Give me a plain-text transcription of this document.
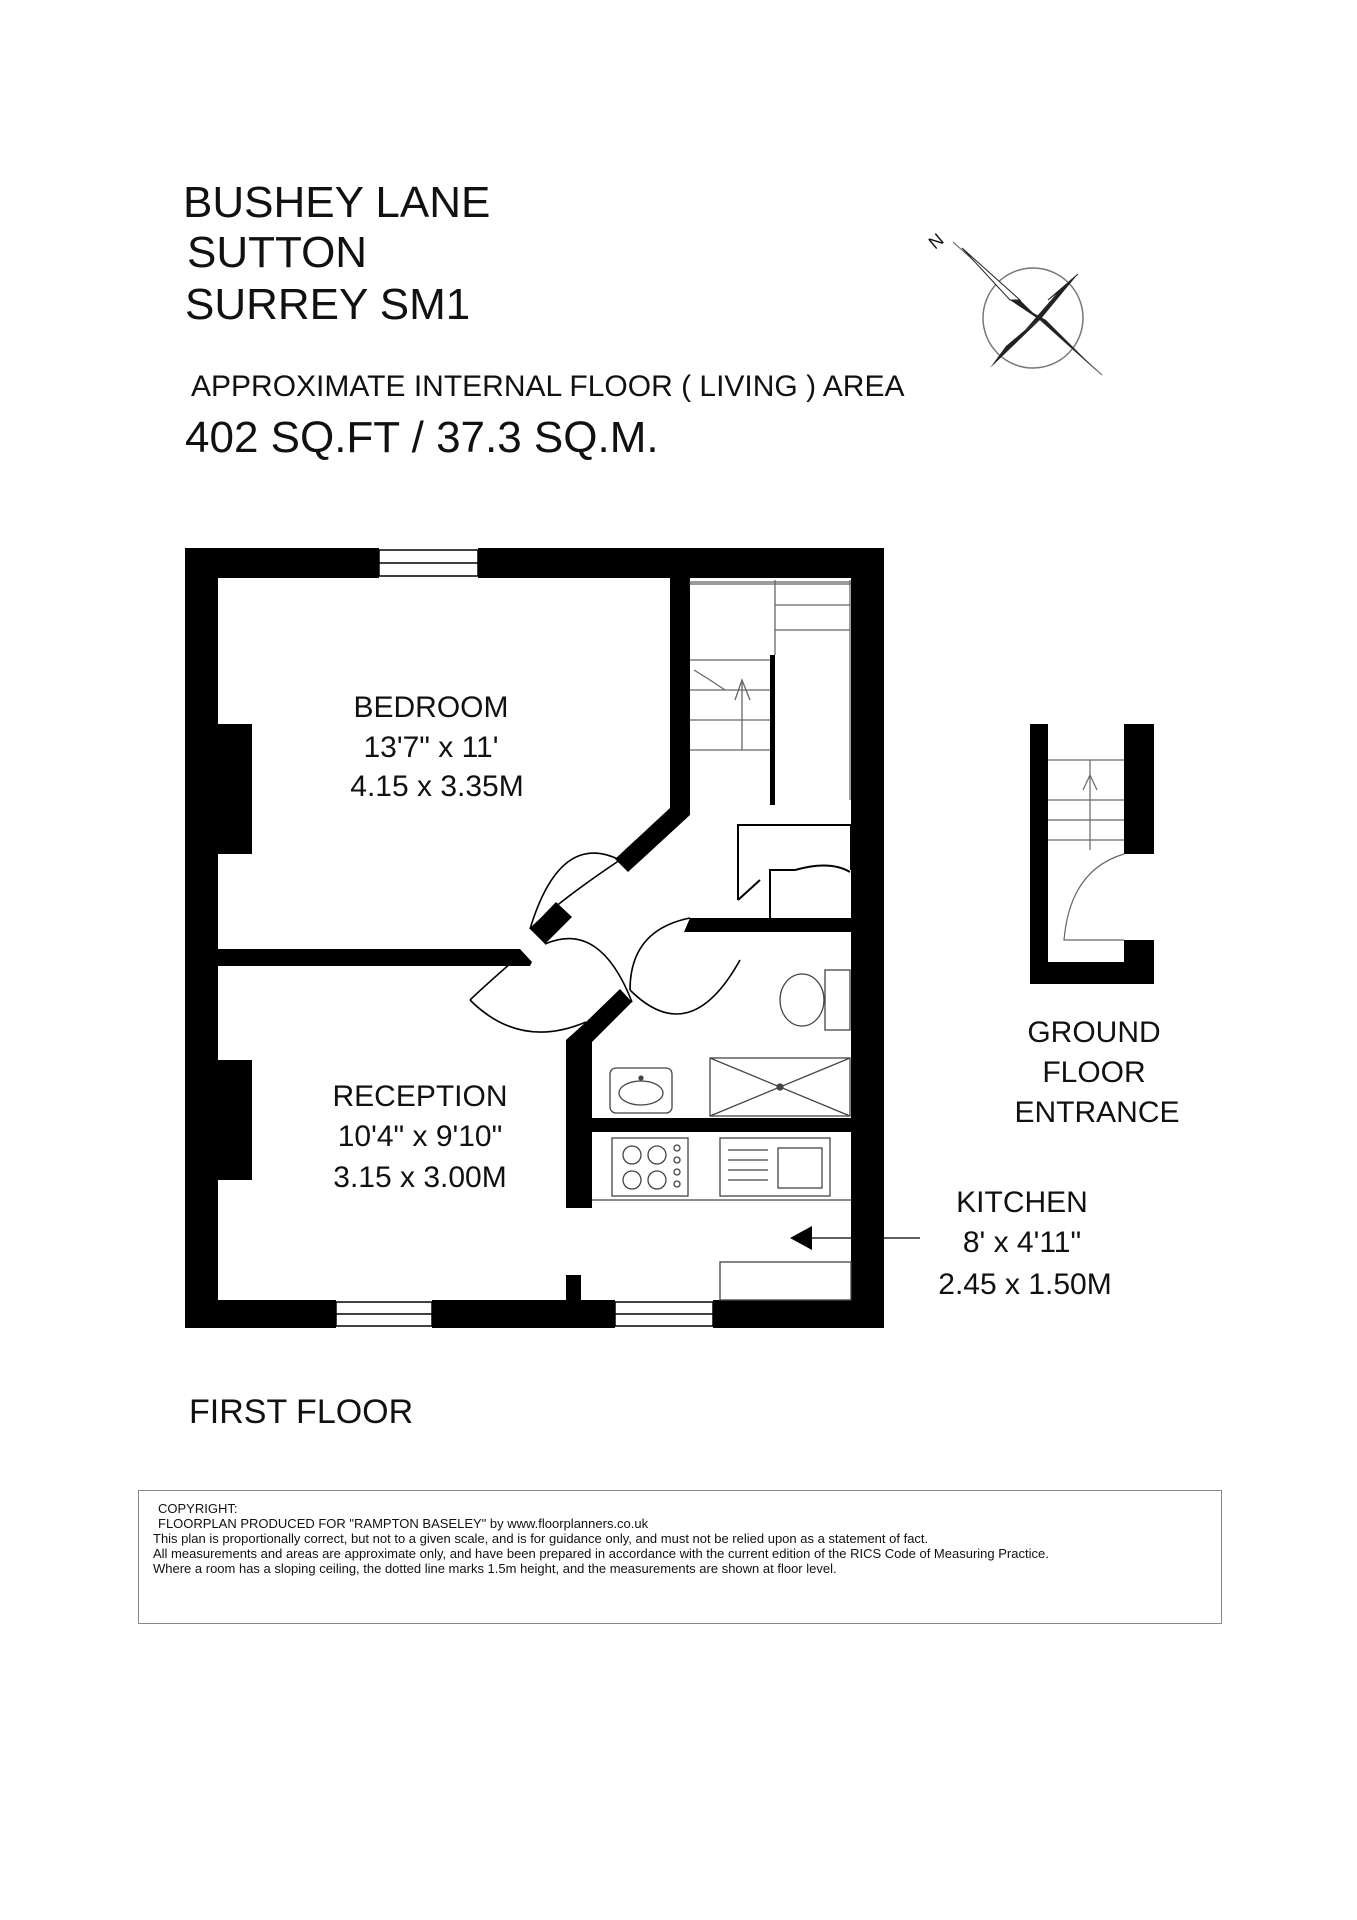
BUSHEY LANE
SUTTON
SURREY SM1
APPROXIMATE INTERNAL FLOOR ( LIVING ) AREA
402 SQ.FT / 37.3 SQ.M.
N
BEDROOM
13'7" x 11'
4.15 x 3.35M
RECEPTION
10'4" x 9'10"
3.15 x 3.00M
KITCHEN
8' x 4'11"
2.45 x 1.50M
GROUND
FLOOR
ENTRANCE
FIRST FLOOR
COPYRIGHT:
FLOORPLAN PRODUCED FOR "RAMPTON BASELEY" by www.floorplanners.co.uk
This plan is proportionally correct, but not to a given scale, and is for guidance only, and must not be relied upon as a statement of fact.
All measurements and areas are approximate only, and have been prepared in accordance with the current edition of the RICS Code of Measuring Practice.
Where a room has a sloping ceiling, the dotted line marks 1.5m height, and the measurements are shown at floor level.
